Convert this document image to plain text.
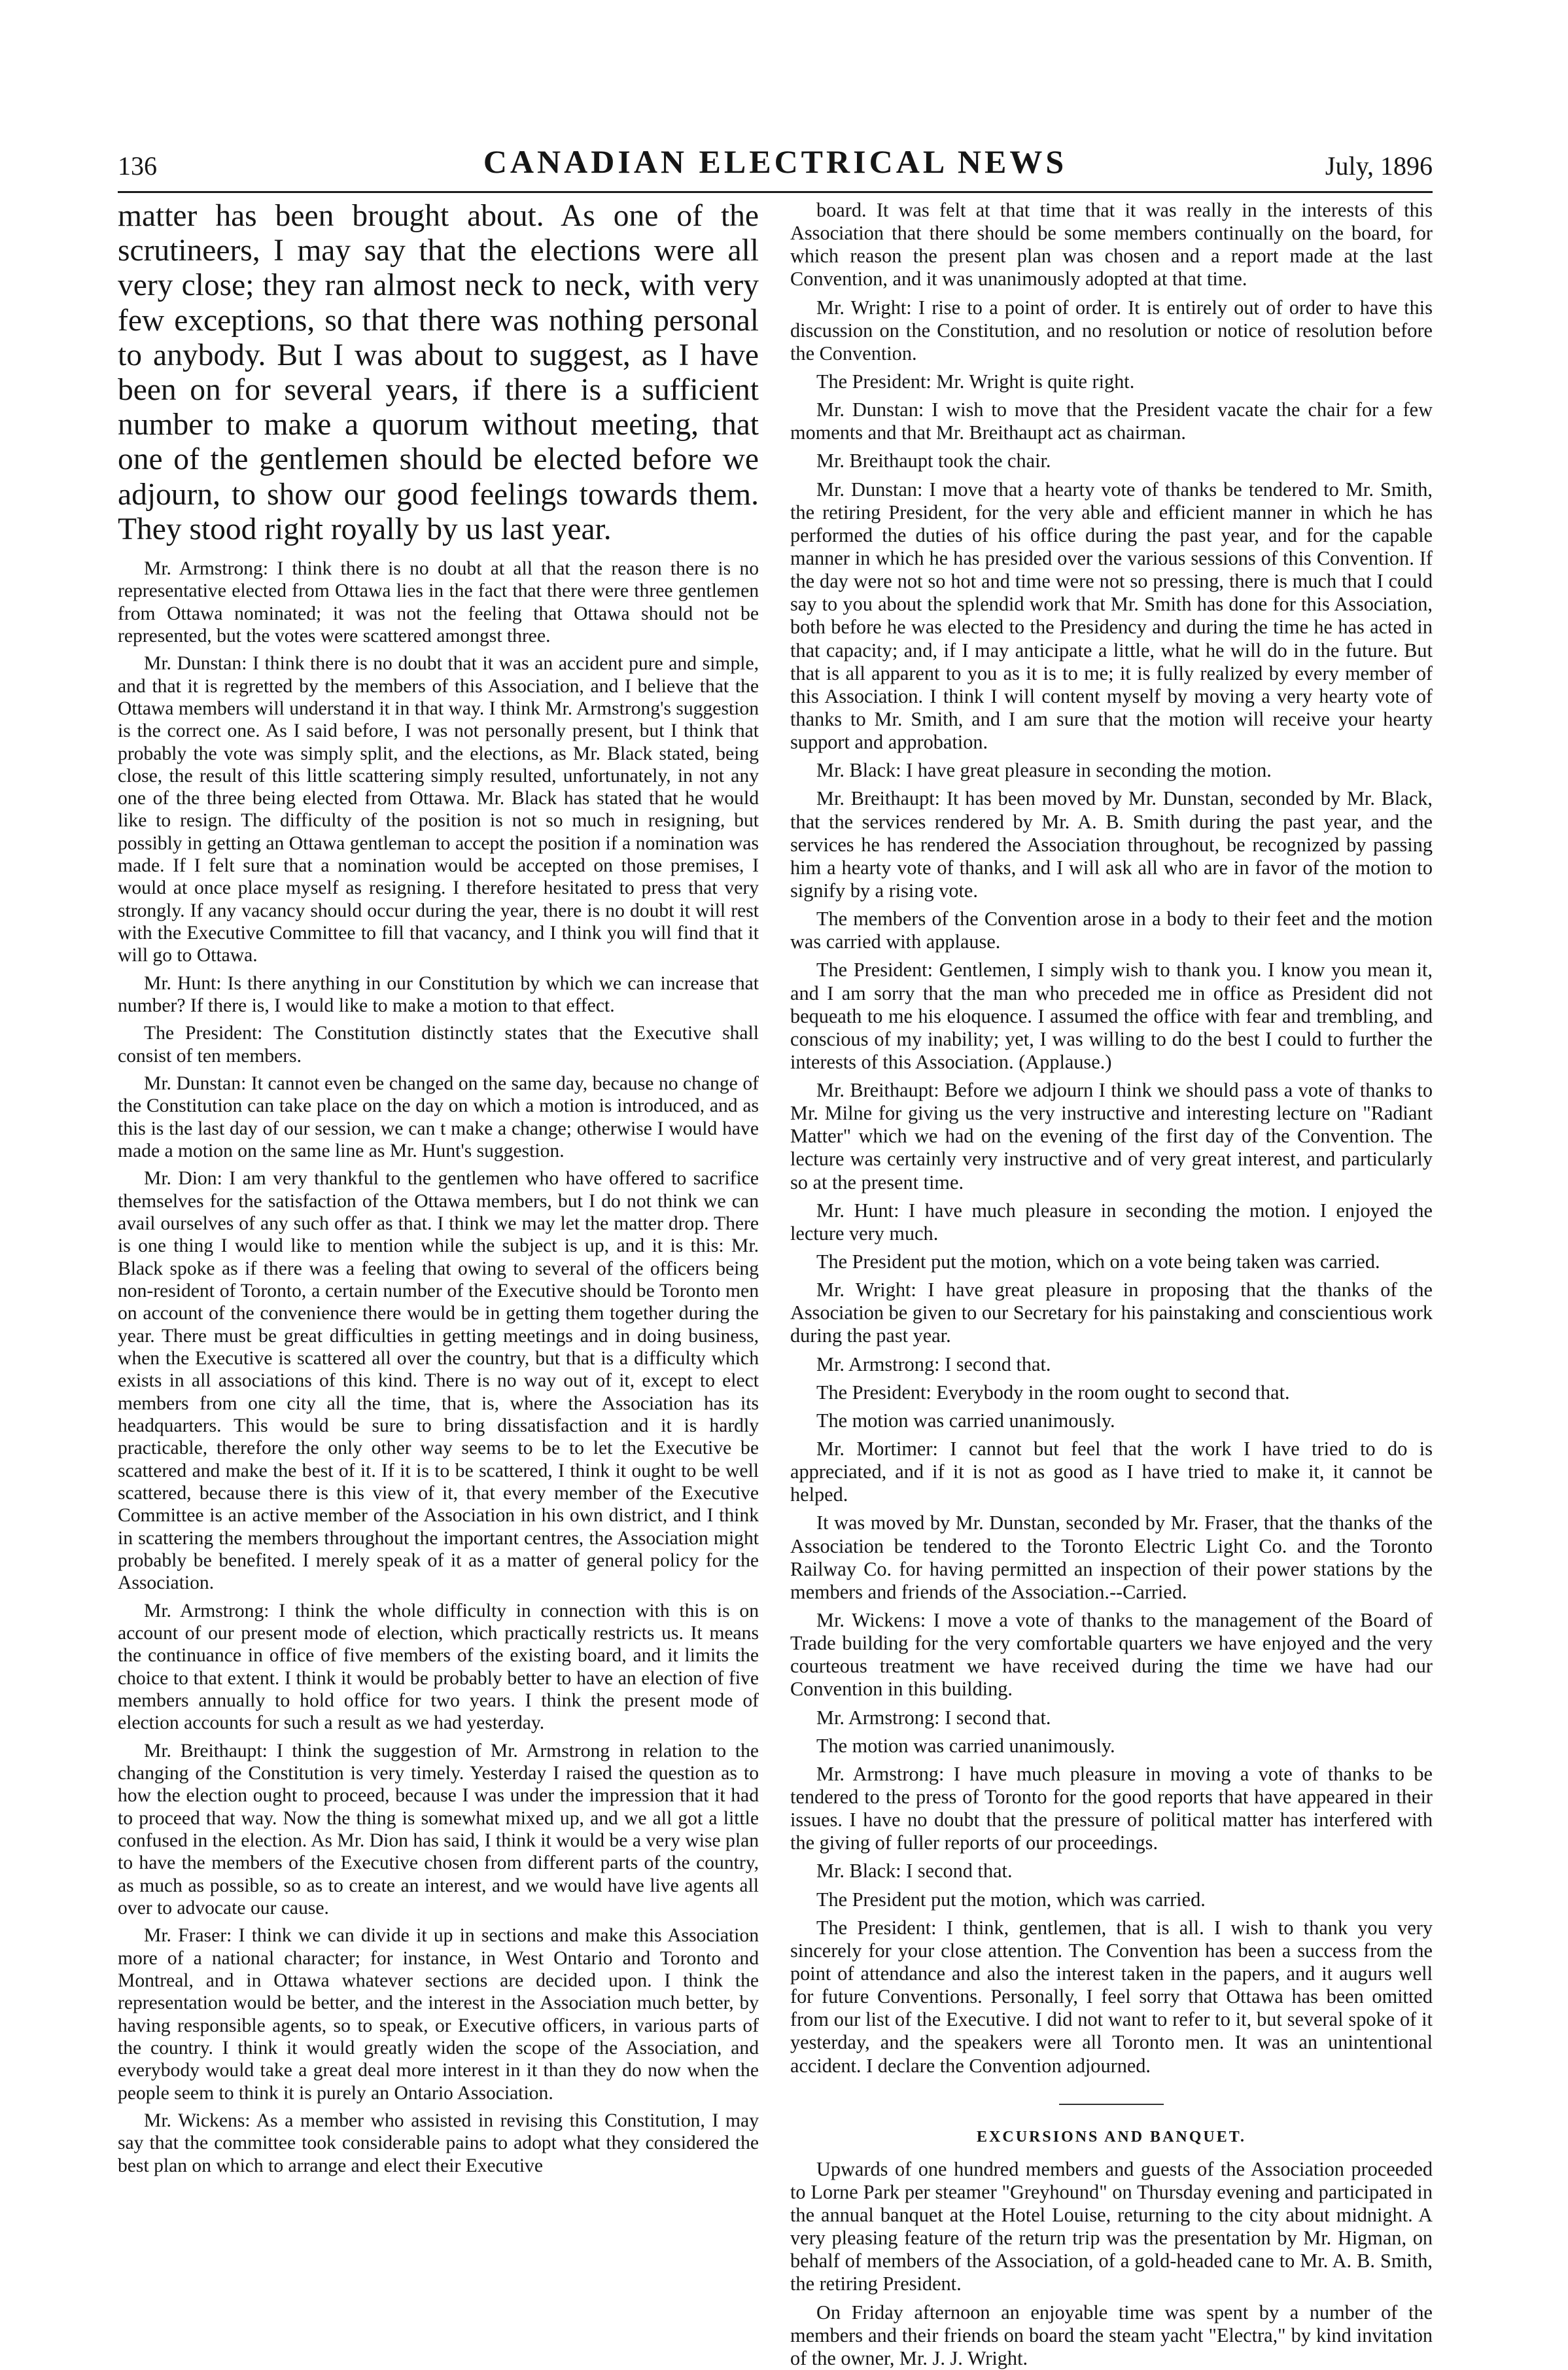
136	CANADIAN ELECTRICAL NEWS	July, 1896

matter has been brought about. As one of the scrutineers, I may say that the elections were all very close; they ran almost neck to neck, with very few exceptions, so that there was nothing personal to anybody. But I was about to suggest, as I have been on for several years, if there is a sufficient number to make a quorum without meeting, that one of the gentlemen should be elected before we adjourn, to show our good feelings towards them. They stood right royally by us last year.

Mr. Armstrong: I think there is no doubt at all that the reason there is no representative elected from Ottawa lies in the fact that there were three gentlemen from Ottawa nominated; it was not the feeling that Ottawa should not be represented, but the votes were scattered amongst three.

Mr. Dunstan: I think there is no doubt that it was an accident pure and simple, and that it is regretted by the members of this Association, and I believe that the Ottawa members will understand it in that way. I think Mr. Armstrong's suggestion is the correct one. As I said before, I was not personally present, but I think that probably the vote was simply split, and the elections, as Mr. Black stated, being close, the result of this little scattering simply resulted, unfortunately, in not any one of the three being elected from Ottawa. Mr. Black has stated that he would like to resign. The difficulty of the position is not so much in resigning, but possibly in getting an Ottawa gentleman to accept the position if a nomination was made. If I felt sure that a nomination would be accepted on those premises, I would at once place myself as resigning. I therefore hesitated to press that very strongly. If any vacancy should occur during the year, there is no doubt it will rest with the Executive Committee to fill that vacancy, and I think you will find that it will go to Ottawa.

Mr. Hunt: Is there anything in our Constitution by which we can increase that number? If there is, I would like to make a motion to that effect.

The President: The Constitution distinctly states that the Executive shall consist of ten members.

Mr. Dunstan: It cannot even be changed on the same day, because no change of the Constitution can take place on the day on which a motion is introduced, and as this is the last day of our session, we can t make a change; otherwise I would have made a motion on the same line as Mr. Hunt's suggestion.

Mr. Dion: I am very thankful to the gentlemen who have offered to sacrifice themselves for the satisfaction of the Ottawa members, but I do not think we can avail ourselves of any such offer as that. I think we may let the matter drop. There is one thing I would like to mention while the subject is up, and it is this: Mr. Black spoke as if there was a feeling that owing to several of the officers being non-resident of Toronto, a certain number of the Executive should be Toronto men on account of the convenience there would be in getting them together during the year. There must be great difficulties in getting meetings and in doing business, when the Executive is scattered all over the country, but that is a difficulty which exists in all associations of this kind. There is no way out of it, except to elect members from one city all the time, that is, where the Association has its headquarters. This would be sure to bring dissatisfaction and it is hardly practicable, therefore the only other way seems to be to let the Executive be scattered and make the best of it. If it is to be scattered, I think it ought to be well scattered, because there is this view of it, that every member of the Executive Committee is an active member of the Association in his own district, and I think in scattering the members throughout the important centres, the Association might probably be benefited. I merely speak of it as a matter of general policy for the Association.

Mr. Armstrong: I think the whole difficulty in connection with this is on account of our present mode of election, which practically restricts us. It means the continuance in office of five members of the existing board, and it limits the choice to that extent. I think it would be probably better to have an election of five members annually to hold office for two years. I think the present mode of election accounts for such a result as we had yesterday.

Mr. Breithaupt: I think the suggestion of Mr. Armstrong in relation to the changing of the Constitution is very timely. Yesterday I raised the question as to how the election ought to proceed, because I was under the impression that it had to proceed that way. Now the thing is somewhat mixed up, and we all got a little confused in the election. As Mr. Dion has said, I think it would be a very wise plan to have the members of the Executive chosen from different parts of the country, as much as possible, so as to create an interest, and we would have live agents all over to advocate our cause.

Mr. Fraser: I think we can divide it up in sections and make this Association more of a national character; for instance, in West Ontario and Toronto and Montreal, and in Ottawa whatever sections are decided upon. I think the representation would be better, and the interest in the Association much better, by having responsible agents, so to speak, or Executive officers, in various parts of the country. I think it would greatly widen the scope of the Association, and everybody would take a great deal more interest in it than they do now when the people seem to think it is purely an Ontario Association.

Mr. Wickens: As a member who assisted in revising this Constitution, I may say that the committee took considerable pains to adopt what they considered the best plan on which to arrange and elect their Executive

board. It was felt at that time that it was really in the interests of this Association that there should be some members continually on the board, for which reason the present plan was chosen and a report made at the last Convention, and it was unanimously adopted at that time.

Mr. Wright: I rise to a point of order. It is entirely out of order to have this discussion on the Constitution, and no resolution or notice of resolution before the Convention.

The President: Mr. Wright is quite right.

Mr. Dunstan: I wish to move that the President vacate the chair for a few moments and that Mr. Breithaupt act as chairman.

Mr. Breithaupt took the chair.

Mr. Dunstan: I move that a hearty vote of thanks be tendered to Mr. Smith, the retiring President, for the very able and efficient manner in which he has performed the duties of his office during the past year, and for the capable manner in which he has presided over the various sessions of this Convention. If the day were not so hot and time were not so pressing, there is much that I could say to you about the splendid work that Mr. Smith has done for this Association, both before he was elected to the Presidency and during the time he has acted in that capacity; and, if I may anticipate a little, what he will do in the future. But that is all apparent to you as it is to me; it is fully realized by every member of this Association. I think I will content myself by moving a very hearty vote of thanks to Mr. Smith, and I am sure that the motion will receive your hearty support and approbation.

Mr. Black: I have great pleasure in seconding the motion.

Mr. Breithaupt: It has been moved by Mr. Dunstan, seconded by Mr. Black, that the services rendered by Mr. A. B. Smith during the past year, and the services he has rendered the Association throughout, be recognized by passing him a hearty vote of thanks, and I will ask all who are in favor of the motion to signify by a rising vote.

The members of the Convention arose in a body to their feet and the motion was carried with applause.

The President: Gentlemen, I simply wish to thank you. I know you mean it, and I am sorry that the man who preceded me in office as President did not bequeath to me his eloquence. I assumed the office with fear and trembling, and conscious of my inability; yet, I was willing to do the best I could to further the interests of this Association. (Applause.)

Mr. Breithaupt: Before we adjourn I think we should pass a vote of thanks to Mr. Milne for giving us the very instructive and interesting lecture on "Radiant Matter" which we had on the evening of the first day of the Convention. The lecture was certainly very instructive and of very great interest, and particularly so at the present time.

Mr. Hunt: I have much pleasure in seconding the motion. I enjoyed the lecture very much.

The President put the motion, which on a vote being taken was carried.

Mr. Wright: I have great pleasure in proposing that the thanks of the Association be given to our Secretary for his painstaking and conscientious work during the past year.

Mr. Armstrong: I second that.

The President: Everybody in the room ought to second that.

The motion was carried unanimously.

Mr. Mortimer: I cannot but feel that the work I have tried to do is appreciated, and if it is not as good as I have tried to make it, it cannot be helped.

It was moved by Mr. Dunstan, seconded by Mr. Fraser, that the thanks of the Association be tendered to the Toronto Electric Light Co. and the Toronto Railway Co. for having permitted an inspection of their power stations by the members and friends of the Association.--Carried.

Mr. Wickens: I move a vote of thanks to the management of the Board of Trade building for the very comfortable quarters we have enjoyed and the very courteous treatment we have received during the time we have had our Convention in this building.

Mr. Armstrong: I second that.

The motion was carried unanimously.

Mr. Armstrong: I have much pleasure in moving a vote of thanks to be tendered to the press of Toronto for the good reports that have appeared in their issues. I have no doubt that the pressure of political matter has interfered with the giving of fuller reports of our proceedings.

Mr. Black: I second that.

The President put the motion, which was carried.

The President: I think, gentlemen, that is all. I wish to thank you very sincerely for your close attention. The Convention has been a success from the point of attendance and also the interest taken in the papers, and it augurs well for future Conventions. Personally, I feel sorry that Ottawa has been omitted from our list of the Executive. I did not want to refer to it, but several spoke of it yesterday, and the speakers were all Toronto men. It was an unintentional accident. I declare the Convention adjourned.

EXCURSIONS AND BANQUET.

Upwards of one hundred members and guests of the Association proceeded to Lorne Park per steamer "Greyhound" on Thursday evening and participated in the annual banquet at the Hotel Louise, returning to the city about midnight. A very pleasing feature of the return trip was the presentation by Mr. Higman, on behalf of members of the Association, of a gold-headed cane to Mr. A. B. Smith, the retiring President.

On Friday afternoon an enjoyable time was spent by a number of the members and their friends on board the steam yacht "Electra," by kind invitation of the owner, Mr. J. J. Wright.
